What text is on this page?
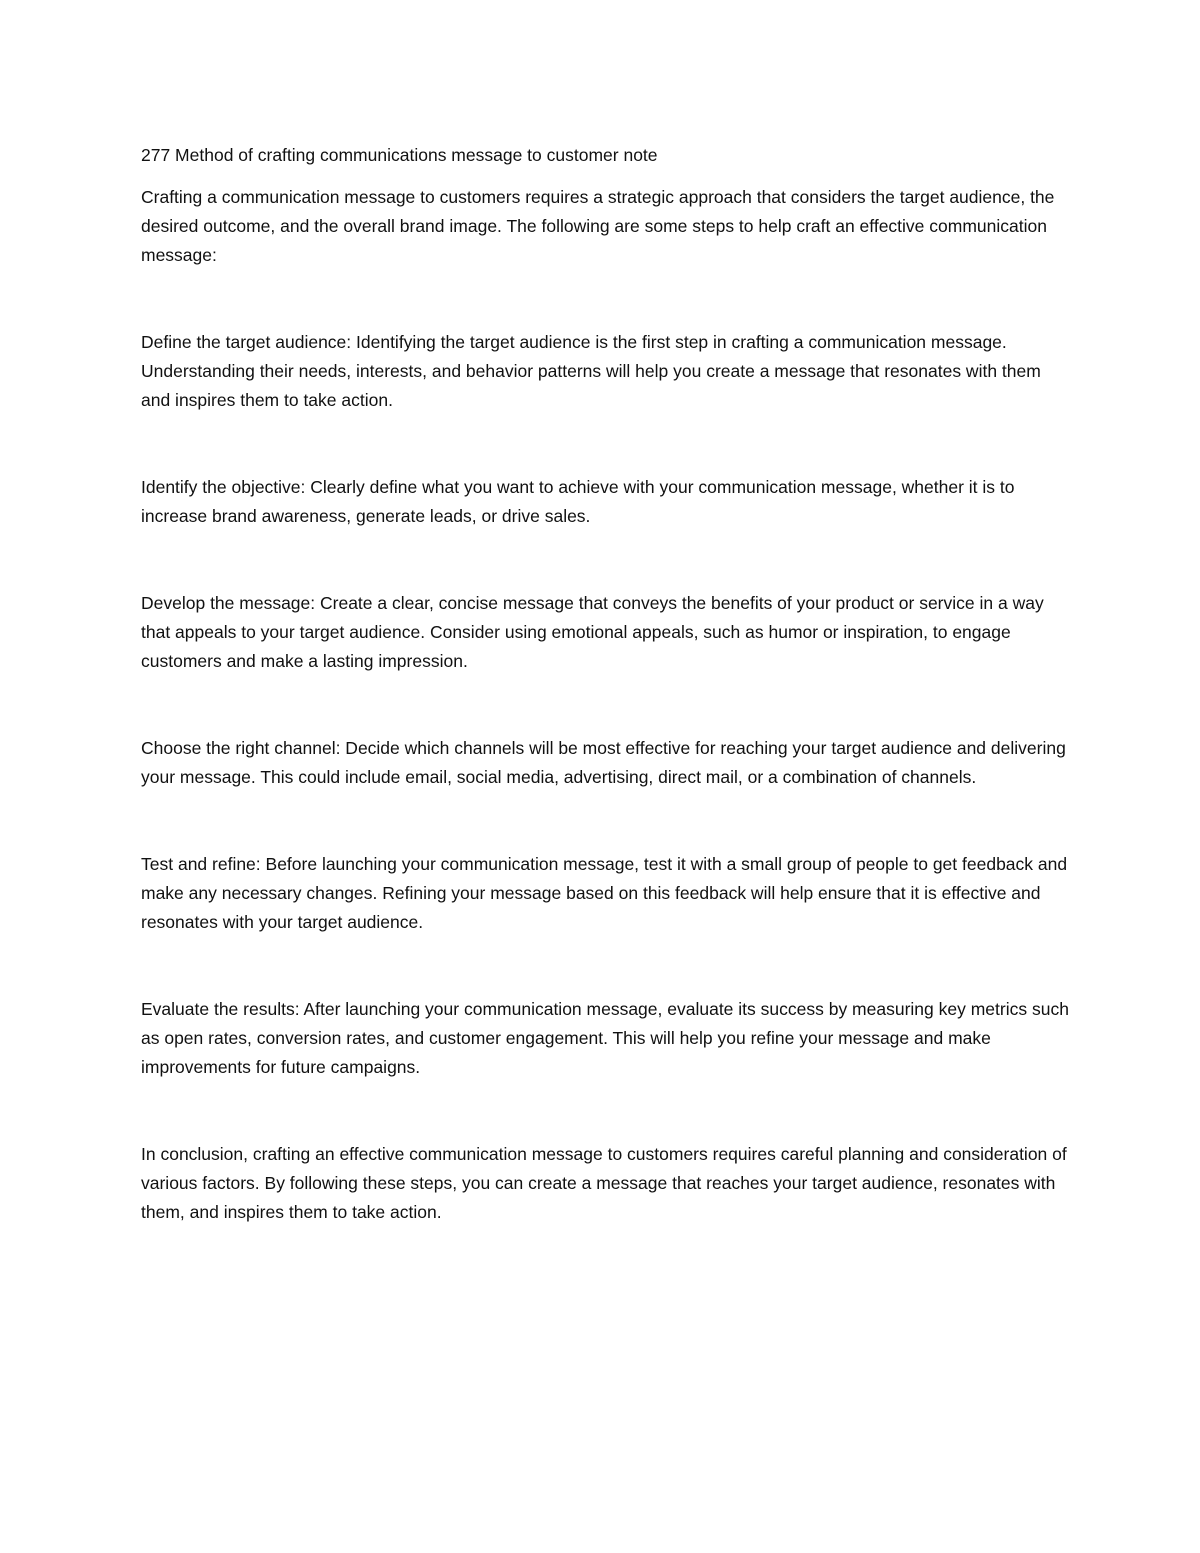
277 Method of crafting communications message to customer note

Crafting a communication message to customers requires a strategic approach that considers the target audience, the desired outcome, and the overall brand image. The following are some steps to help craft an effective communication message:

Define the target audience: Identifying the target audience is the first step in crafting a communication message. Understanding their needs, interests, and behavior patterns will help you create a message that resonates with them and inspires them to take action.

Identify the objective: Clearly define what you want to achieve with your communication message, whether it is to increase brand awareness, generate leads, or drive sales.

Develop the message: Create a clear, concise message that conveys the benefits of your product or service in a way that appeals to your target audience. Consider using emotional appeals, such as humor or inspiration, to engage customers and make a lasting impression.

Choose the right channel: Decide which channels will be most effective for reaching your target audience and delivering your message. This could include email, social media, advertising, direct mail, or a combination of channels.

Test and refine: Before launching your communication message, test it with a small group of people to get feedback and make any necessary changes. Refining your message based on this feedback will help ensure that it is effective and resonates with your target audience.

Evaluate the results: After launching your communication message, evaluate its success by measuring key metrics such as open rates, conversion rates, and customer engagement. This will help you refine your message and make improvements for future campaigns.

In conclusion, crafting an effective communication message to customers requires careful planning and consideration of various factors. By following these steps, you can create a message that reaches your target audience, resonates with them, and inspires them to take action.
